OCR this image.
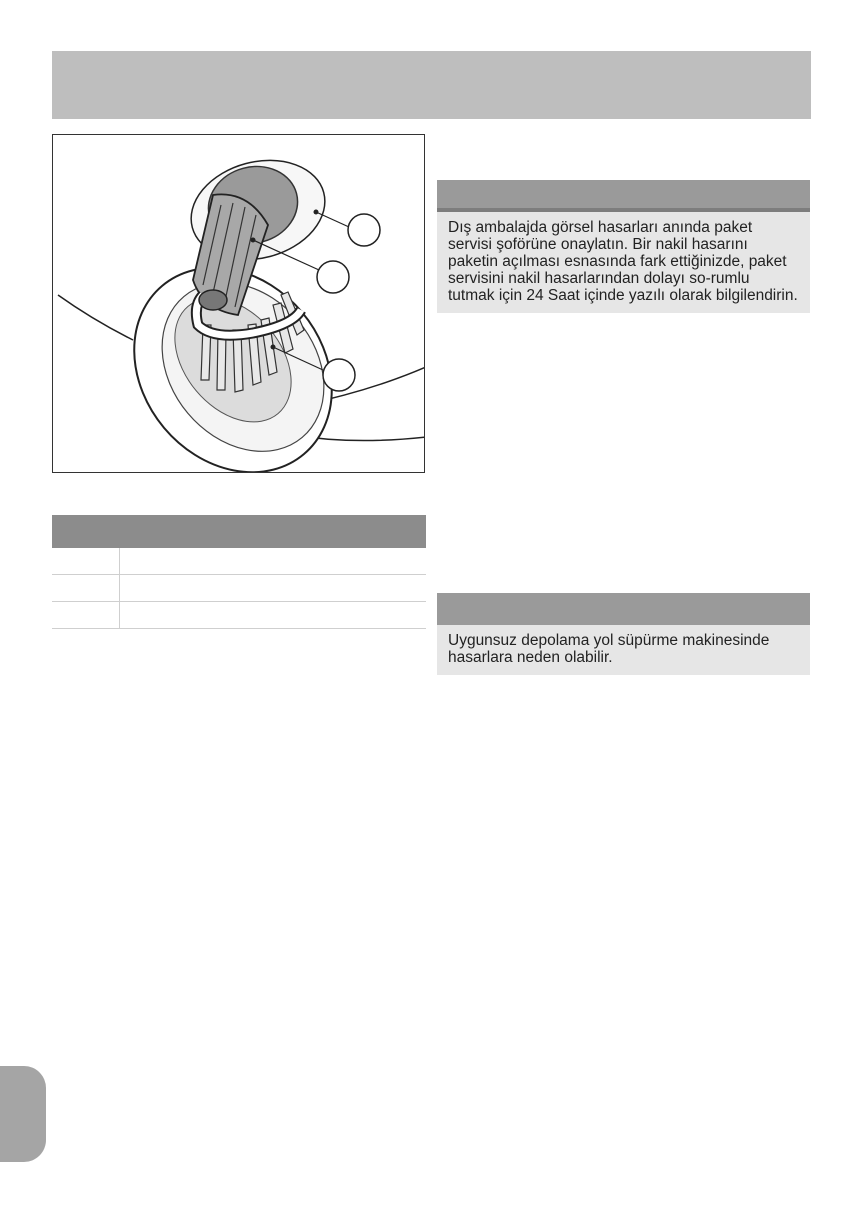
Dış ambalajda görsel hasarları anında paket servisi şoförüne onaylatın. Bir nakil hasarını paketin açılması esnasında fark ettiğinizde, paket servisini nakil hasarlarından dolayı so-rumlu tutmak için 24 Saat içinde yazılı olarak bilgilendirin.
Uygunsuz depolama yol süpürme makinesinde hasarlara neden olabilir.
